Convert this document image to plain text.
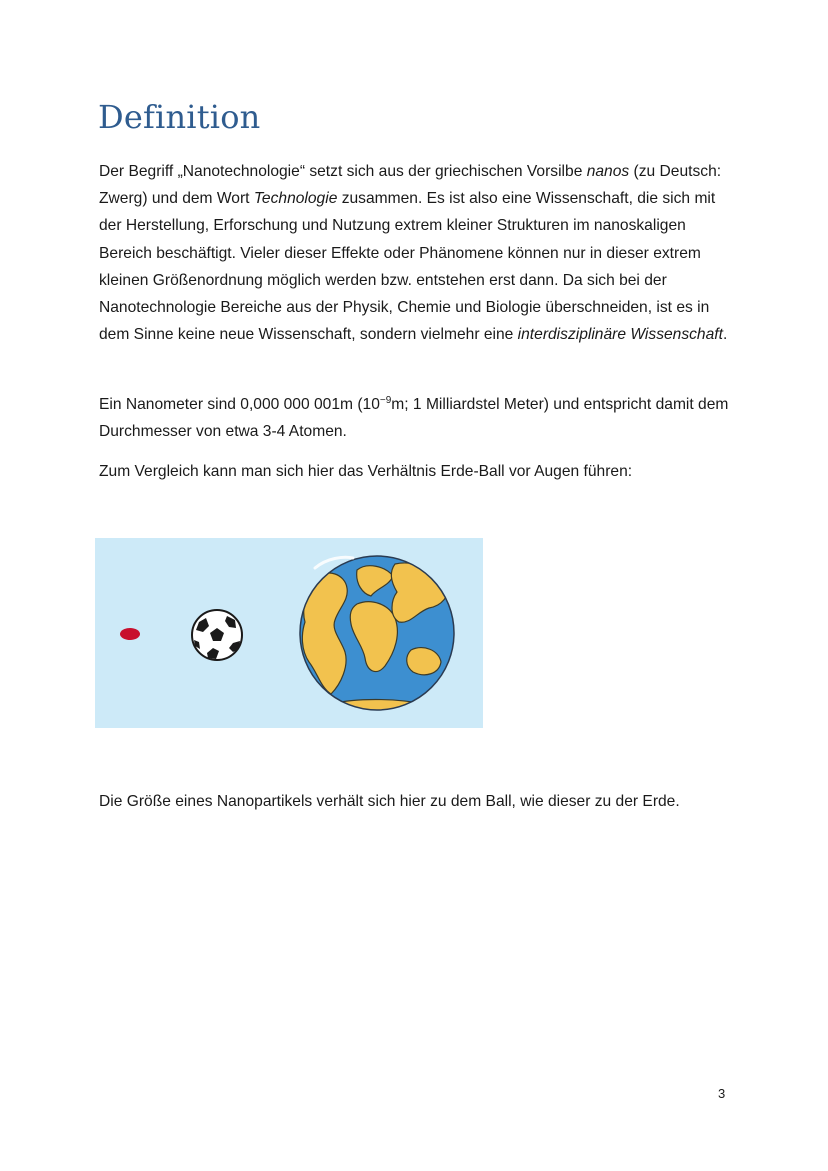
Definition

Der Begriff „Nanotechnologie“ setzt sich aus der griechischen Vorsilbe nanos (zu Deutsch: Zwerg) und dem Wort Technologie zusammen. Es ist also eine Wissenschaft, die sich mit der Herstellung, Erforschung und Nutzung extrem kleiner Strukturen im nanoskaligen Bereich beschäftigt. Vieler dieser Effekte oder Phänomene können nur in dieser extrem kleinen Größenordnung möglich werden bzw. entstehen erst dann. Da sich bei der Nanotechnologie Bereiche aus der Physik, Chemie und Biologie überschneiden, ist es in dem Sinne keine neue Wissenschaft, sondern vielmehr eine interdisziplinäre Wissenschaft.

Ein Nanometer sind 0,000 000 001m ($10^{-9}m$; 1 Milliardstel Meter) und entspricht damit dem Durchmesser von etwa 3-4 Atomen.

Zum Vergleich kann man sich hier das Verhältnis Erde-Ball vor Augen führen:

Die Größe eines Nanopartikels verhält sich hier zu dem Ball, wie dieser zu der Erde.

3
